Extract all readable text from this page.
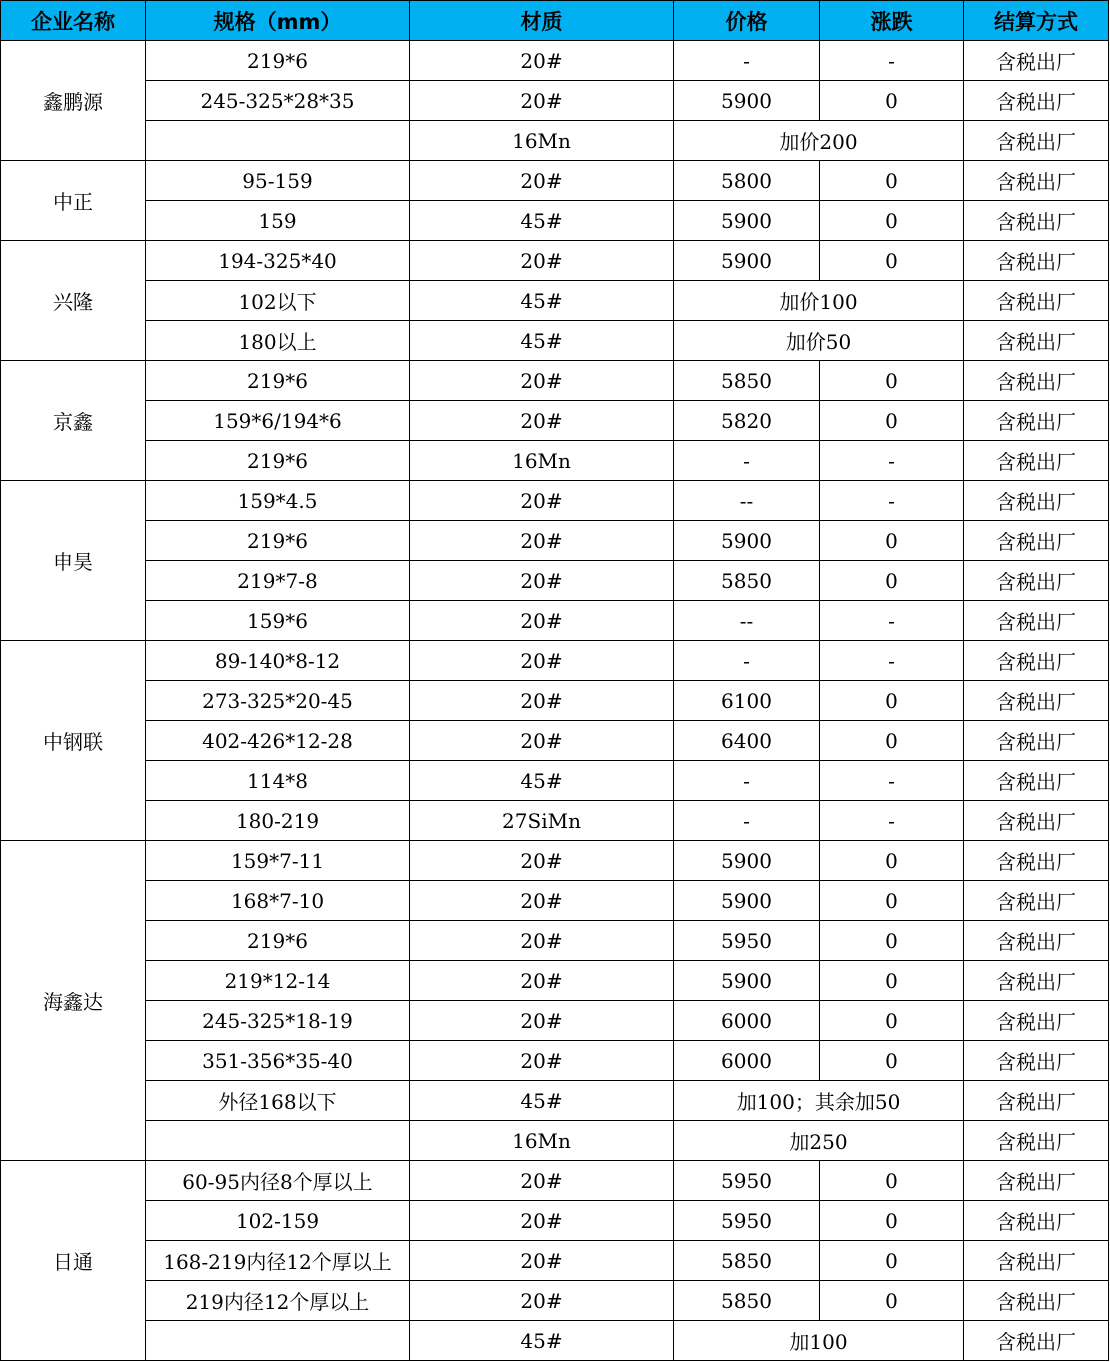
企业名称	规格（mm）	材质	价格	涨跌	结算方式
鑫鹏源	219*6	20#	-	-	含税出厂
	245-325*28*35	20#	5900	0	含税出厂
		16Mn	加价200		含税出厂
中正	95-159	20#	5800	0	含税出厂
	159	45#	5900	0	含税出厂
兴隆	194-325*40	20#	5900	0	含税出厂
	102以下	45#	加价100		含税出厂
	180以上	45#	加价50		含税出厂
京鑫	219*6	20#	5850	0	含税出厂
	159*6/194*6	20#	5820	0	含税出厂
	219*6	16Mn	-	-	含税出厂
申昊	159*4.5	20#	--	-	含税出厂
	219*6	20#	5900	0	含税出厂
	219*7-8	20#	5850	0	含税出厂
	159*6	20#	--	-	含税出厂
中钢联	89-140*8-12	20#	-	-	含税出厂
	273-325*20-45	20#	6100	0	含税出厂
	402-426*12-28	20#	6400	0	含税出厂
	114*8	45#	-	-	含税出厂
	180-219	27SiMn	-	-	含税出厂
海鑫达	159*7-11	20#	5900	0	含税出厂
	168*7-10	20#	5900	0	含税出厂
	219*6	20#	5950	0	含税出厂
	219*12-14	20#	5900	0	含税出厂
	245-325*18-19	20#	6000	0	含税出厂
	351-356*35-40	20#	6000	0	含税出厂
	外径168以下	45#	加100；其余加50		含税出厂
		16Mn	加250		含税出厂
日通	60-95内径8个厚以上	20#	5950	0	含税出厂
	102-159	20#	5950	0	含税出厂
	168-219内径12个厚以上	20#	5850	0	含税出厂
	219内径12个厚以上	20#	5850	0	含税出厂
		45#	加100		含税出厂
